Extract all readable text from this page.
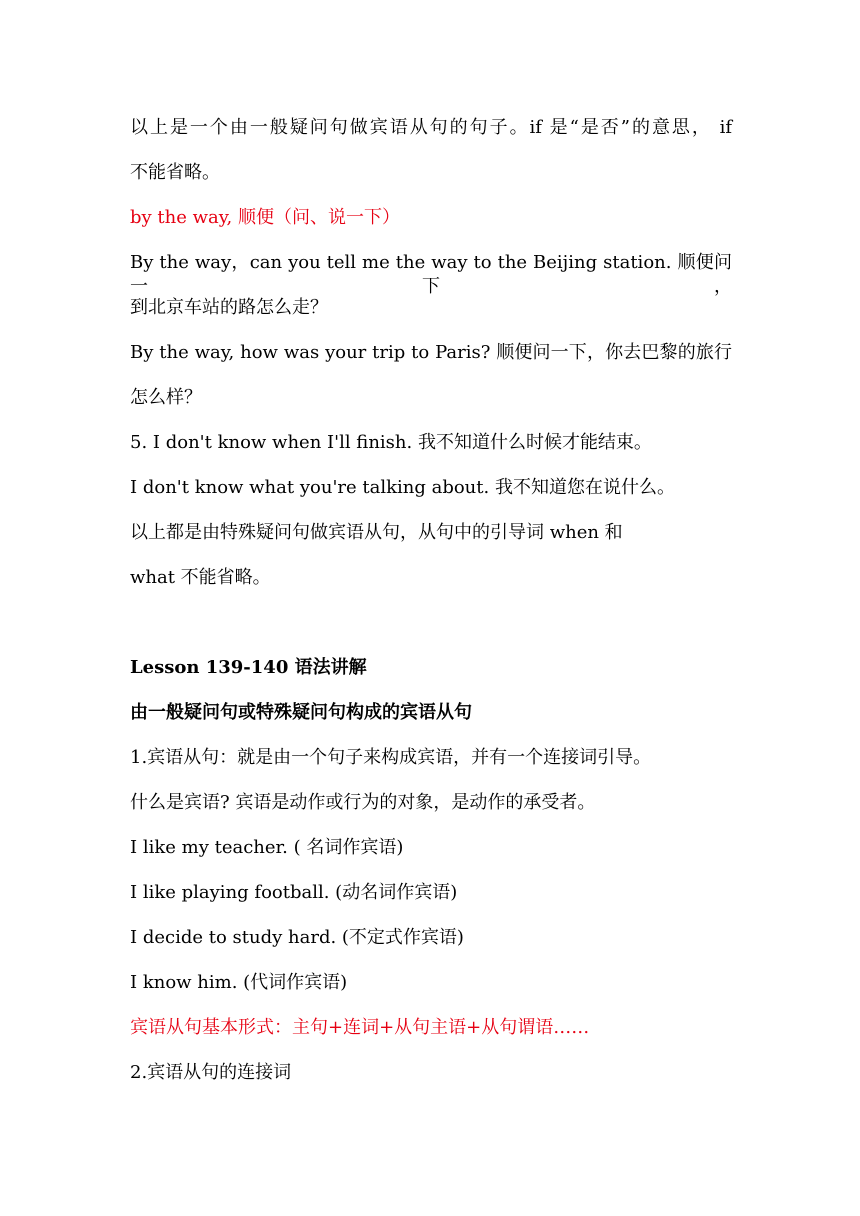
以上是一个由一般疑问句做宾语从句的句子。if 是“是否”的意思， if
不能省略。
by the way, 顺便（问、说一下）
By the way，can you tell me the way to the Beijing station. 顺便问一下，
到北京车站的路怎么走？
By the way, how was your trip to Paris? 顺便问一下，你去巴黎的旅行
怎么样？
5. I don't know when I'll finish. 我不知道什么时候才能结束。
I don't know what you're talking about. 我不知道您在说什么。
以上都是由特殊疑问句做宾语从句，从句中的引导词 when 和
what 不能省略。
Lesson 139-140 语法讲解
由一般疑问句或特殊疑问句构成的宾语从句
1.宾语从句：就是由一个句子来构成宾语，并有一个连接词引导。
什么是宾语? 宾语是动作或行为的对象，是动作的承受者。
I like my teacher. ( 名词作宾语)
I like playing football. (动名词作宾语)
I decide to study hard. (不定式作宾语)
I know him. (代词作宾语)
宾语从句基本形式：主句+连词+从句主语+从句谓语……
2.宾语从句的连接词
